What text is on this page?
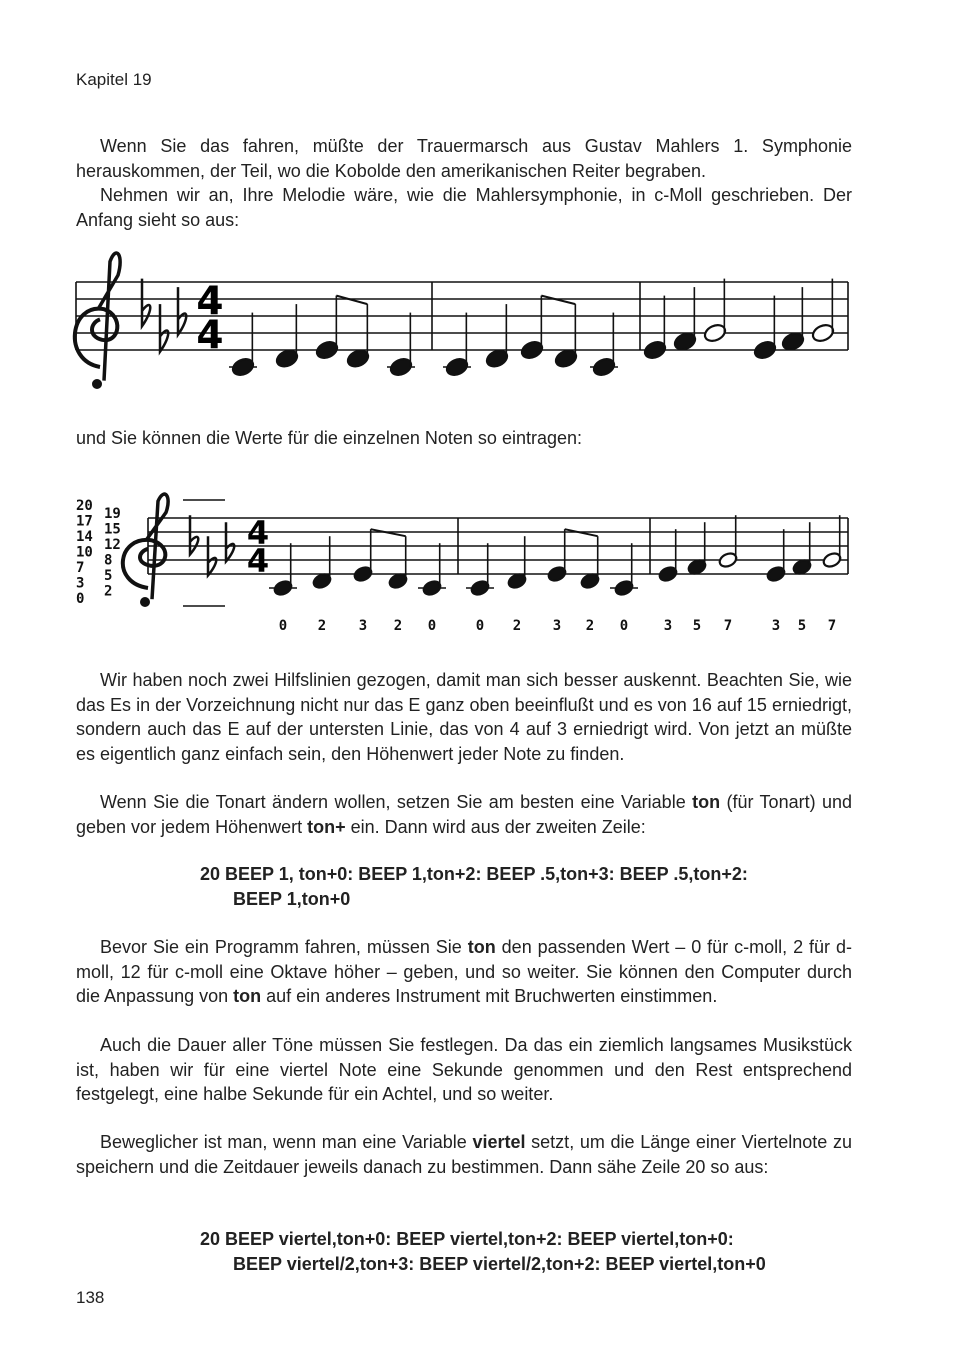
Kapitel 19

Wenn Sie das fahren, müßte der Trauermarsch aus Gustav Mahlers 1. Symphonie herauskommen, der Teil, wo die Kobolde den amerikanischen Reiter begraben.
Nehmen wir an, Ihre Melodie wäre, wie die Mahlersymphonie, in c-Moll geschrieben. Der Anfang sieht so aus:

4
4

und Sie können die Werte für die einzelnen Noten so eintragen:

4
4
0 2 3 2 0	0 2 3 2 0	3 5 7	3 5 7
20
17
14
10
7
3
0
19
15
12
8
5
2

Wir haben noch zwei Hilfslinien gezogen, damit man sich besser auskennt. Beachten Sie, wie das Es in der Vorzeichnung nicht nur das E ganz oben beeinflußt und es von 16 auf 15 erniedrigt, sondern auch das E auf der untersten Linie, das von 4 auf 3 erniedrigt wird. Von jetzt an müßte es eigentlich ganz einfach sein, den Höhenwert jeder Note zu finden.

Wenn Sie die Tonart ändern wollen, setzen Sie am besten eine Variable ton (für Tonart) und geben vor jedem Höhenwert ton+ ein. Dann wird aus der zweiten Zeile:

20 BEEP 1, ton+0: BEEP 1,ton+2: BEEP .5,ton+3: BEEP .5,ton+2:
BEEP 1,ton+0

Bevor Sie ein Programm fahren, müssen Sie ton den passenden Wert – 0 für c-moll, 2 für d-moll, 12 für c-moll eine Oktave höher – geben, und so weiter. Sie können den Computer durch die Anpassung von ton auf ein anderes Instrument mit Bruchwerten einstimmen.

Auch die Dauer aller Töne müssen Sie festlegen. Da das ein ziemlich langsames Musikstück ist, haben wir für eine viertel Note eine Sekunde genommen und den Rest entsprechend festgelegt, eine halbe Sekunde für ein Achtel, und so weiter.

Beweglicher ist man, wenn man eine Variable viertel setzt, um die Länge einer Viertelnote zu speichern und die Zeitdauer jeweils danach zu bestimmen. Dann sähe Zeile 20 so aus:

20 BEEP viertel,ton+0: BEEP viertel,ton+2: BEEP viertel,ton+0:
BEEP viertel/2,ton+3: BEEP viertel/2,ton+2: BEEP viertel,ton+0
138
